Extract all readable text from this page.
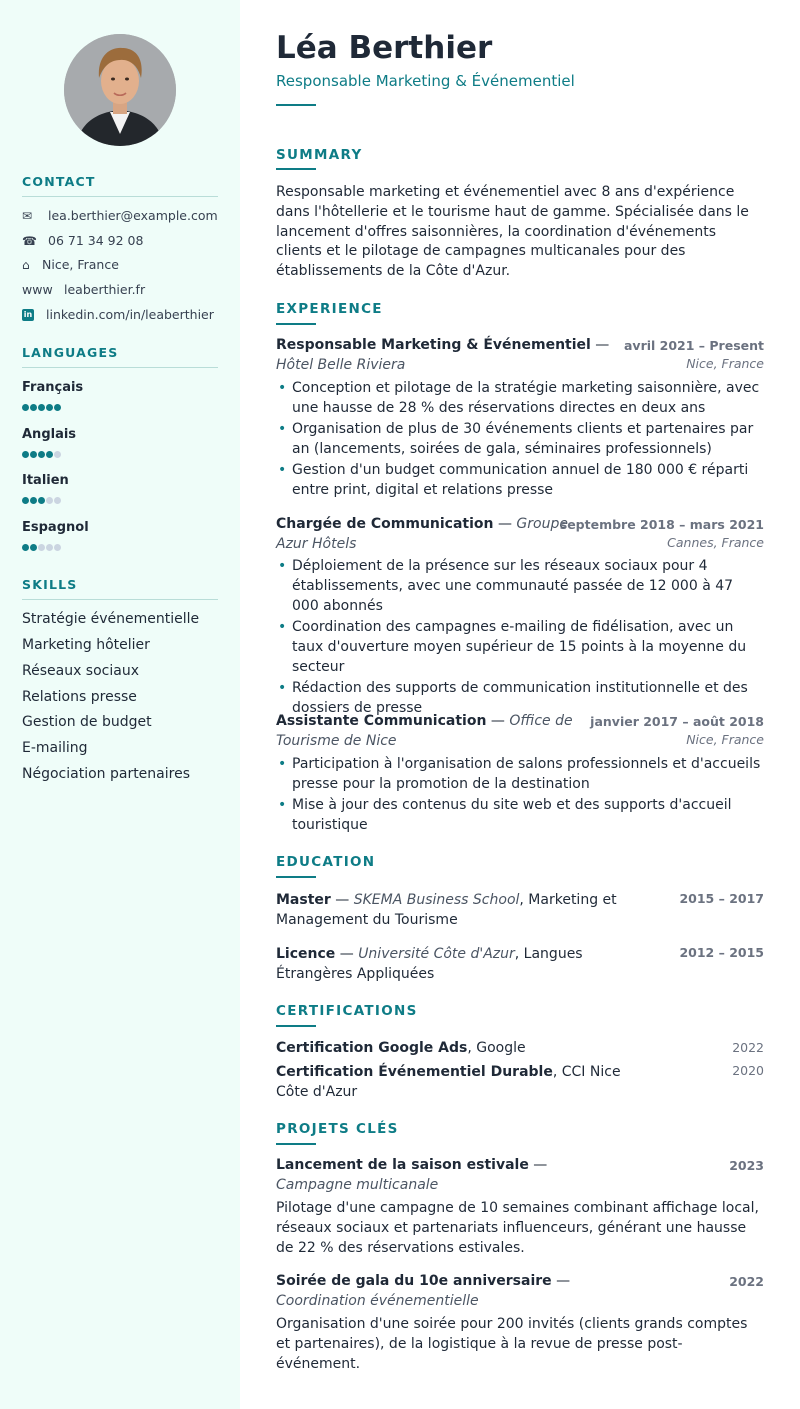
CONTACT
✉	lea.berthier@example.com
☎ 06 71 34 92 08
⌂ Nice, France
www leaberthier.fr
in linkedin.com/in/leaberthier
LANGUAGES
Français
Anglais
Italien
Espagnol
SKILLS
Stratégie événementielle
Marketing hôtelier
Réseaux sociaux
Relations presse
Gestion de budget
E-mailing
Négociation partenaires
Léa Berthier
Responsable Marketing & Événementiel
SUMMARY
Responsable marketing et événementiel avec 8 ans d'expérience dans l'hôtellerie et le tourisme haut de gamme. Spécialisée dans le lancement d'offres saisonnières, la coordination d'événements clients et le pilotage de campagnes multicanales pour des établissements de la Côte d'Azur.
EXPERIENCE
Responsable Marketing & Événementiel —
Hôtel Belle Riviera
avril 2021 – Present
Nice, France
• Conception et pilotage de la stratégie marketing saisonnière, avec une hausse de 28 % des réservations directes en deux ans
• Organisation de plus de 30 événements clients et partenaires par an (lancements, soirées de gala, séminaires professionnels)
• Gestion d'un budget communication annuel de 180 000 € réparti entre print, digital et relations presse
Chargée de Communication — Groupe
Azur Hôtels
septembre 2018 – mars 2021
Cannes, France
• Déploiement de la présence sur les réseaux sociaux pour 4 établissements, avec une communauté passée de 12 000 à 47 000 abonnés
• Coordination des campagnes e-mailing de fidélisation, avec un taux d'ouverture moyen supérieur de 15 points à la moyenne du secteur
• Rédaction des supports de communication institutionnelle et des dossiers de presse
Assistante Communication — Office de
Tourisme de Nice
janvier 2017 – août 2018
Nice, France
• Participation à l'organisation de salons professionnels et d'accueils presse pour la promotion de la destination
• Mise à jour des contenus du site web et des supports d'accueil touristique
EDUCATION
Master — SKEMA Business School, Marketing et Management du Tourisme
2015 – 2017
Licence — Université Côte d'Azur, Langues Étrangères Appliquées
2012 – 2015
CERTIFICATIONS
Certification Google Ads, Google	2022
Certification Événementiel Durable, CCI Nice Côte d'Azur
2020
PROJETS CLÉS
Lancement de la saison estivale —
Campagne multicanale
2023
Pilotage d'une campagne de 10 semaines combinant affichage local, réseaux sociaux et partenariats influenceurs, générant une hausse de 22 % des réservations estivales.
Soirée de gala du 10e anniversaire —
Coordination événementielle
2022
Organisation d'une soirée pour 200 invités (clients grands comptes et partenaires), de la logistique à la revue de presse post-événement.
